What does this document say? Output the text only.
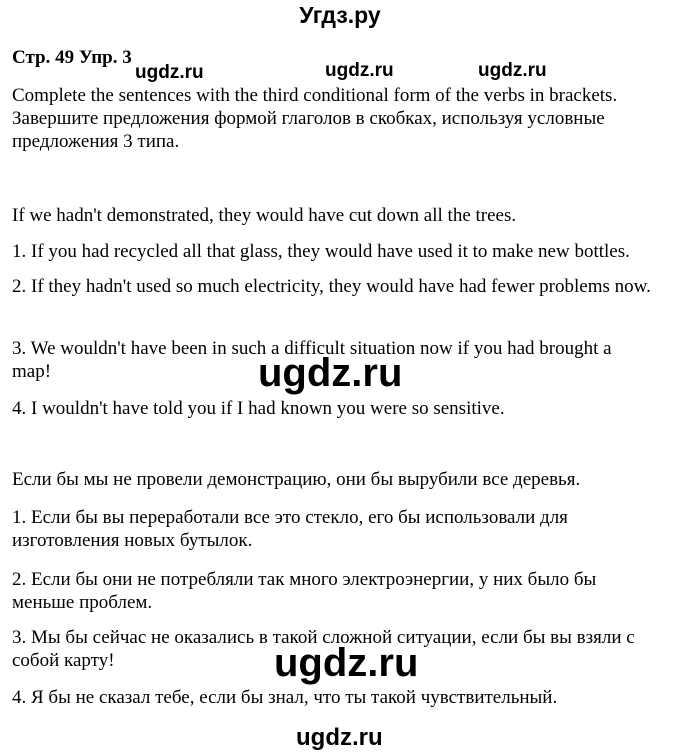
Угдз.ру
Стр. 49 Упр. 3
ugdz.ru	ugdz.ru	ugdz.ru
Complete the sentences with the third conditional form of the verbs in brackets.
Завершите предложения формой глаголов в скобках, используя условные предложения 3 типа.
If we hadn't demonstrated, they would have cut down all the trees.
1. If you had recycled all that glass, they would have used it to make new bottles.
2. If they hadn't used so much electricity, they would have had fewer problems now.
3. We wouldn't have been in such a difficult situation now if you had brought a map!
4. I wouldn't have told you if I had known you were so sensitive.
ugdz.ru
Если бы мы не провели демонстрацию, они бы вырубили все деревья.
1. Если бы вы переработали все это стекло, его бы использовали для изготовления новых бутылок.
2. Если бы они не потребляли так много электроэнергии, у них было бы меньше проблем.
3. Мы бы сейчас не оказались в такой сложной ситуации, если бы вы взяли с собой карту!
4. Я бы не сказал тебе, если бы знал, что ты такой чувствительный.
ugdz.ru
ugdz.ru
